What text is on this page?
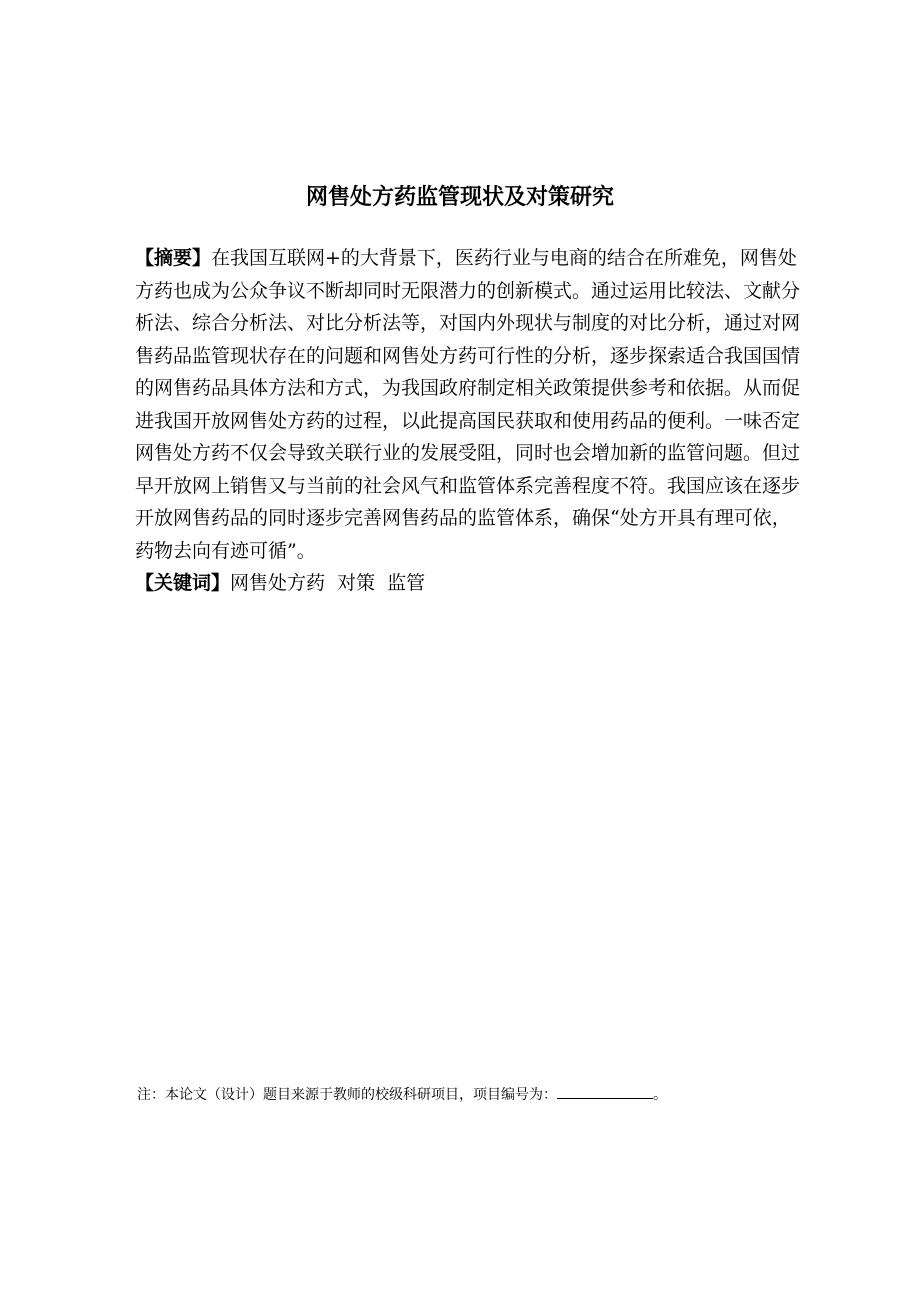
网售处方药监管现状及对策研究
【摘要】在我国互联网+的大背景下，医药行业与电商的结合在所难免，网售处
方药也成为公众争议不断却同时无限潜力的创新模式。通过运用比较法、文献分
析法、综合分析法、对比分析法等，对国内外现状与制度的对比分析，通过对网
售药品监管现状存在的问题和网售处方药可行性的分析，逐步探索适合我国国情
的网售药品具体方法和方式，为我国政府制定相关政策提供参考和依据。从而促
进我国开放网售处方药的过程，以此提高国民获取和使用药品的便利。一味否定
网售处方药不仅会导致关联行业的发展受阻，同时也会增加新的监管问题。但过
早开放网上销售又与当前的社会风气和监管体系完善程度不符。我国应该在逐步
开放网售药品的同时逐步完善网售药品的监管体系，确保“处方开具有理可依，
药物去向有迹可循”。
【关键词】网售处方药  对策  监管
注：本论文（设计）题目来源于教师的校级科研项目，项目编号为：	。
